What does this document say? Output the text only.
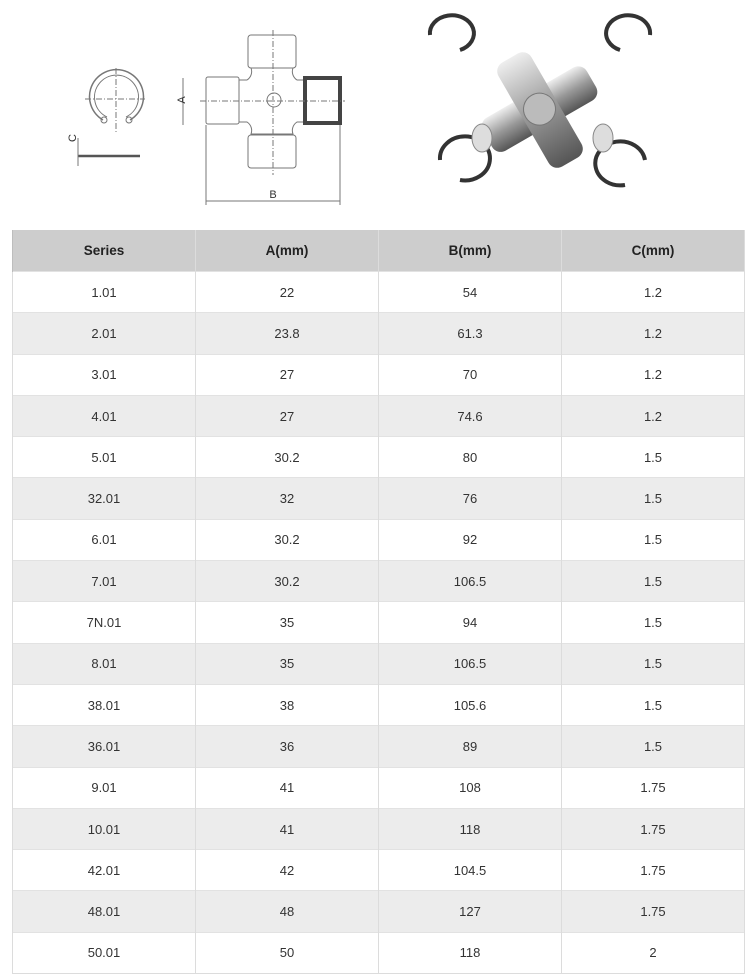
A
B
C
Series	A(mm)	B(mm)	C(mm)
1.01	22	54	1.2
2.01	23.8	61.3	1.2
3.01	27	70	1.2
4.01	27	74.6	1.2
5.01	30.2	80	1.5
32.01	32	76	1.5
6.01	30.2	92	1.5
7.01	30.2	106.5	1.5
7N.01	35	94	1.5
8.01	35	106.5	1.5
38.01	38	105.6	1.5
36.01	36	89	1.5
9.01	41	108	1.75
10.01	41	118	1.75
42.01	42	104.5	1.75
48.01	48	127	1.75
50.01	50	118	2
